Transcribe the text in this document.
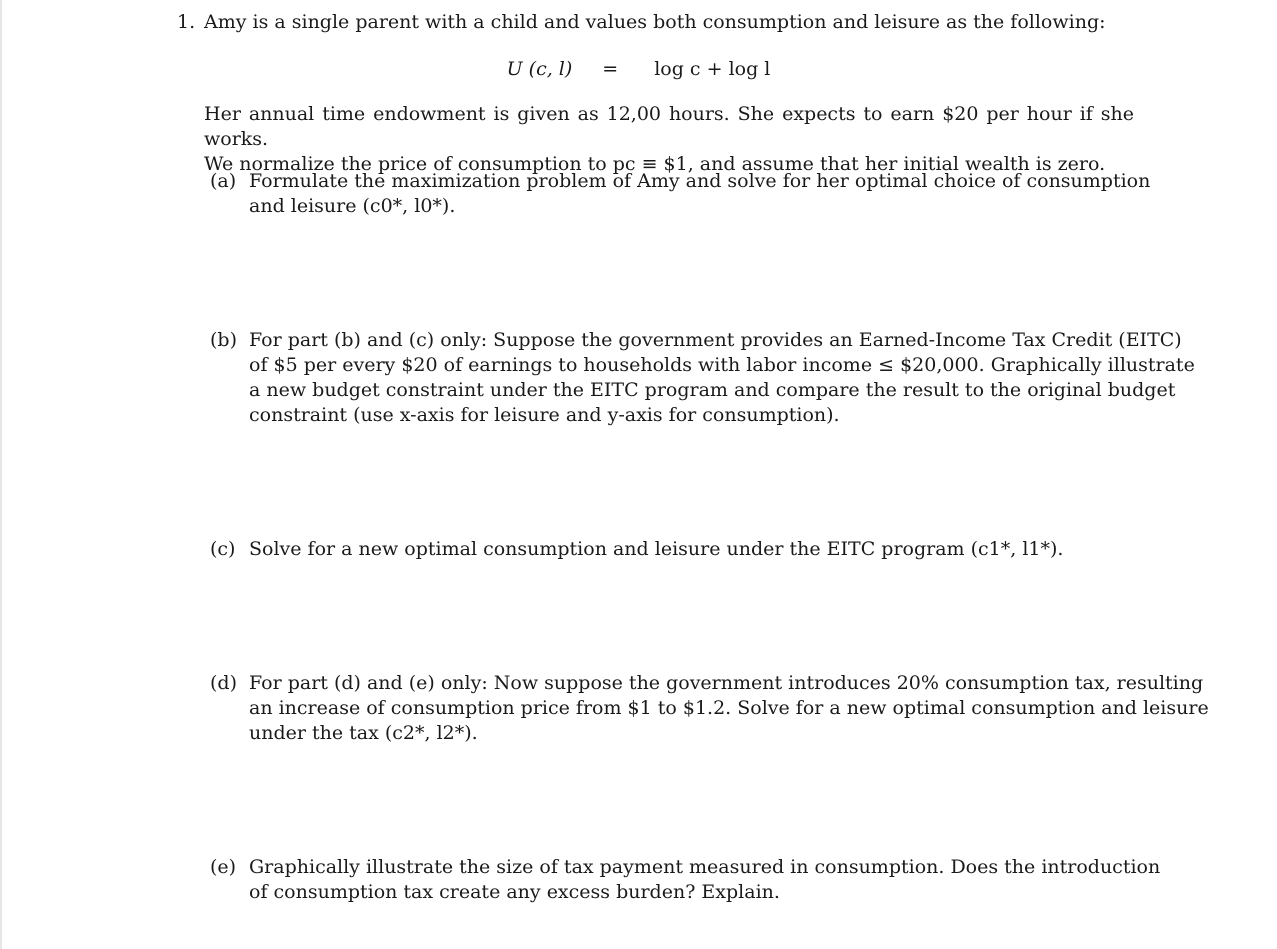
1. Amy is a single parent with a child and values both consumption and leisure as the following:
U (c, l) = log c + log l
Her annual time endowment is given as 12,00 hours. She expects to earn $20 per hour if she works.
We normalize the price of consumption to pc ≡ $1, and assume that her initial wealth is zero.
(a) Formulate the maximization problem of Amy and solve for her optimal choice of consumption
and leisure (c0*, l0*).
(b) For part (b) and (c) only: Suppose the government provides an Earned-Income Tax Credit (EITC)
of $5 per every $20 of earnings to households with labor income ≤ $20,000. Graphically illustrate
a new budget constraint under the EITC program and compare the result to the original budget
constraint (use x-axis for leisure and y-axis for consumption).
(c) Solve for a new optimal consumption and leisure under the EITC program (c1*, l1*).
(d) For part (d) and (e) only: Now suppose the government introduces 20% consumption tax, resulting
an increase of consumption price from $1 to $1.2. Solve for a new optimal consumption and leisure
under the tax (c2*, l2*).
(e) Graphically illustrate the size of tax payment measured in consumption. Does the introduction
of consumption tax create any excess burden? Explain.
